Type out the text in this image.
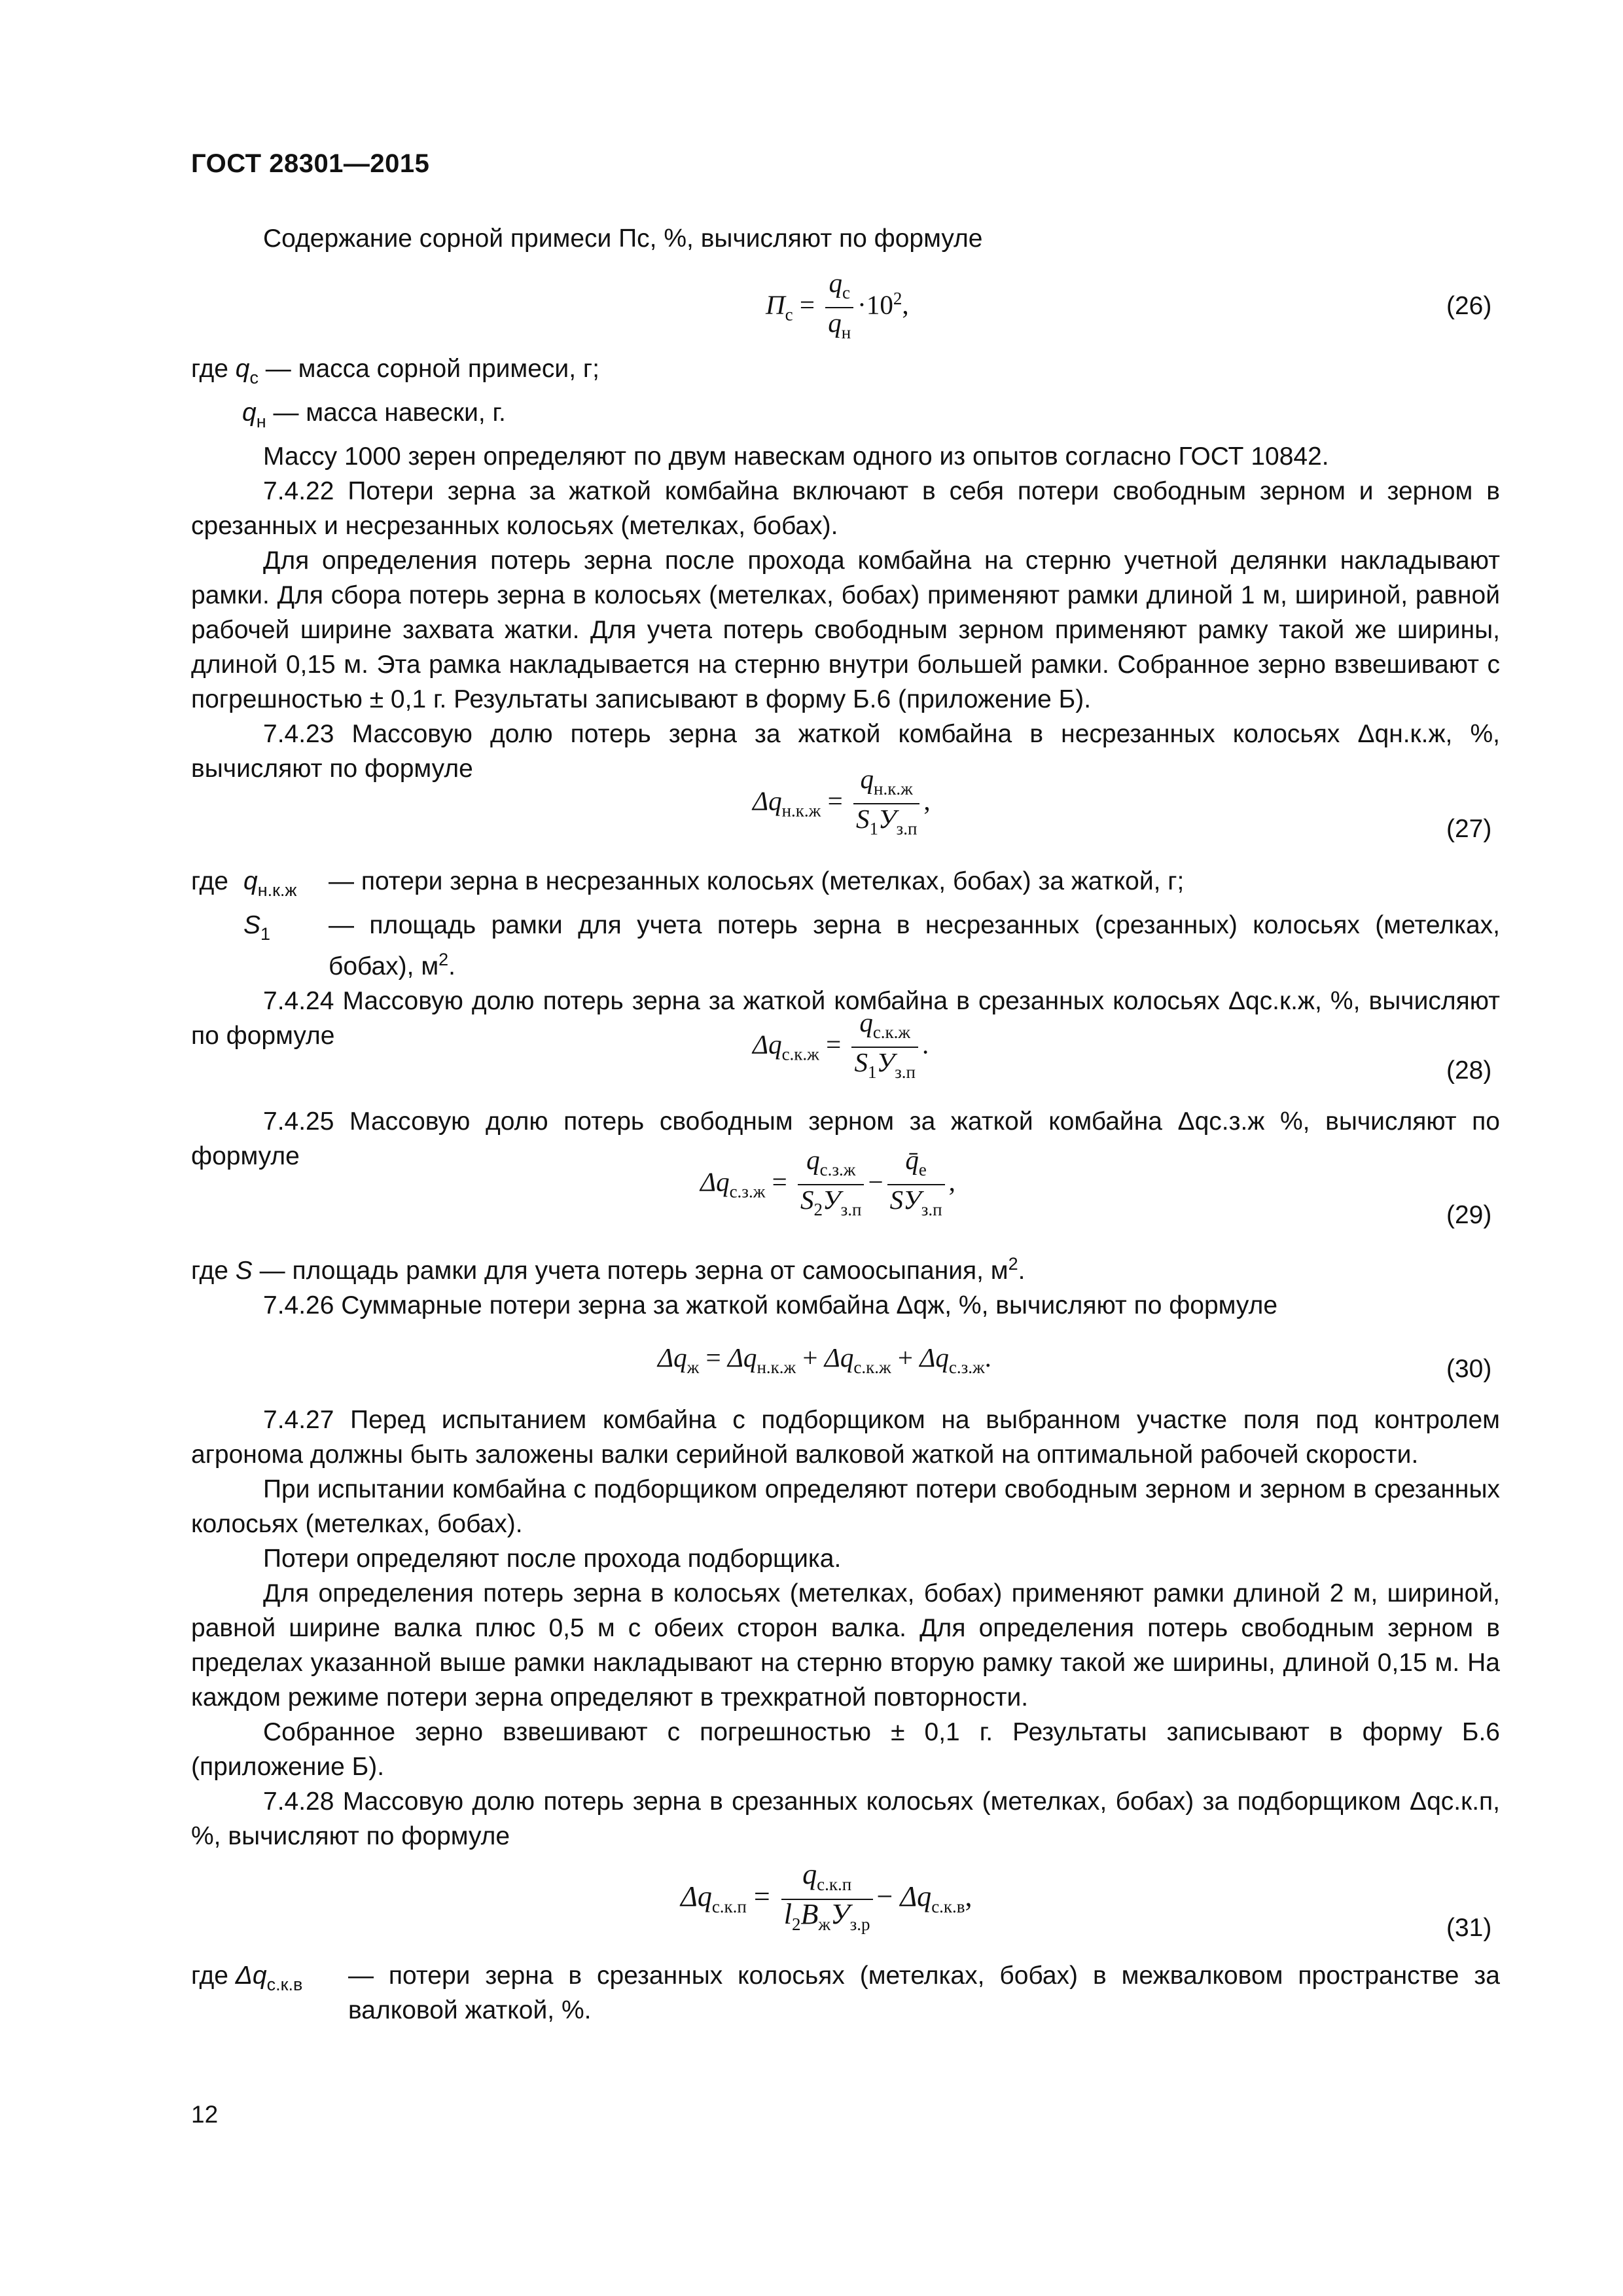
ГОСТ 28301—2015

Содержание сорной примеси Пс, %, вычисляют по формуле

$П_с = \frac{q_с}{q_н} \cdot 10^2$,	(26)
где $q_с$ — масса сорной примеси, г;
$q_н$ — масса навески, г.

Массу 1000 зерен определяют по двум навескам одного из опытов согласно ГОСТ 10842.

7.4.22 Потери зерна за жаткой комбайна включают в себя потери свободным зерном и зерном в срезанных и несрезанных колосьях (метелках, бобах).

Для определения потерь зерна после прохода комбайна на стерню учетной делянки накладывают рамки. Для сбора потерь зерна в колосьях (метелках, бобах) применяют рамки длиной 1 м, шириной, равной рабочей ширине захвата жатки. Для учета потерь свободным зерном применяют рамку такой же ширины, длиной 0,15 м. Эта рамка накладывается на стерню внутри большей рамки. Собранное зерно взвешивают с погрешностью ± 0,1 г. Результаты записывают в форму Б.6 (приложение Б).

7.4.23 Массовую долю потерь зерна за жаткой комбайна в несрезанных колосьях Δqн.к.ж, %, вычисляют по формуле

$\Delta q_{н.к.ж} = \frac{q_{н.к.ж}}{S_1У_{з.п}}$ ,
(27)
где $q_{н.к.ж}$	— потери зерна в несрезанных колосьях (метелках, бобах) за жаткой, г;
$S_1$	— площадь рамки для учета потерь зерна в несрезанных (срезанных) колосьях (метелках, бобах), $м^2$.

7.4.24 Массовую долю потерь зерна за жаткой комбайна в срезанных колосьях Δqс.к.ж, %, вычисляют по формуле	$\Delta q_{с.к.ж} = \frac{q_{с.к.ж}}{S_1У_{з.п}}$ .
(28)

7.4.25 Массовую долю потерь свободным зерном за жаткой комбайна Δqс.з.ж %, вычисляют по формуле

$\Delta q_{с.з.ж} = \frac{q_{с.з.ж}}{S_2У_{з.п}} - \frac{q̄_е}{SУ_{з.п}}$ ,
(29)
где S — площадь рамки для учета потерь зерна от самоосыпания, $м^2$.

7.4.26 Суммарные потери зерна за жаткой комбайна Δqж, %, вычисляют по формуле

$\Delta q_ж = \Delta q_{н.к.ж} + \Delta q_{с.к.ж} + \Delta q_{с.з.ж}$.	(30)

7.4.27 Перед испытанием комбайна с подборщиком на выбранном участке поля под контролем агронома должны быть заложены валки серийной валковой жаткой на оптимальной рабочей скорости.

При испытании комбайна с подборщиком определяют потери свободным зерном и зерном в срезанных колосьях (метелках, бобах).

Потери определяют после прохода подборщика.

Для определения потерь зерна в колосьях (метелках, бобах) применяют рамки длиной 2 м, шириной, равной ширине валка плюс 0,5 м с обеих сторон валка. Для определения потерь свободным зерном в пределах указанной выше рамки накладывают на стерню вторую рамку такой же ширины, длиной 0,15 м. На каждом режиме потери зерна определяют в трехкратной повторности.

Собранное зерно взвешивают с погрешностью ± 0,1 г. Результаты записывают в форму Б.6 (приложение Б).

7.4.28 Массовую долю потерь зерна в срезанных колосьях (метелках, бобах) за подборщиком Δqс.к.п, %, вычисляют по формуле

$\Delta q_{с.к.п} = \frac{q_{с.к.п}}{l_2B_жУ_{з.р}} - \Delta q_{с.к.в}$,
(31)
где $\Delta q_{с.к.в}$	— потери зерна в срезанных колосьях (метелках, бобах) в межвалковом пространстве за валковой жаткой, %.
12
